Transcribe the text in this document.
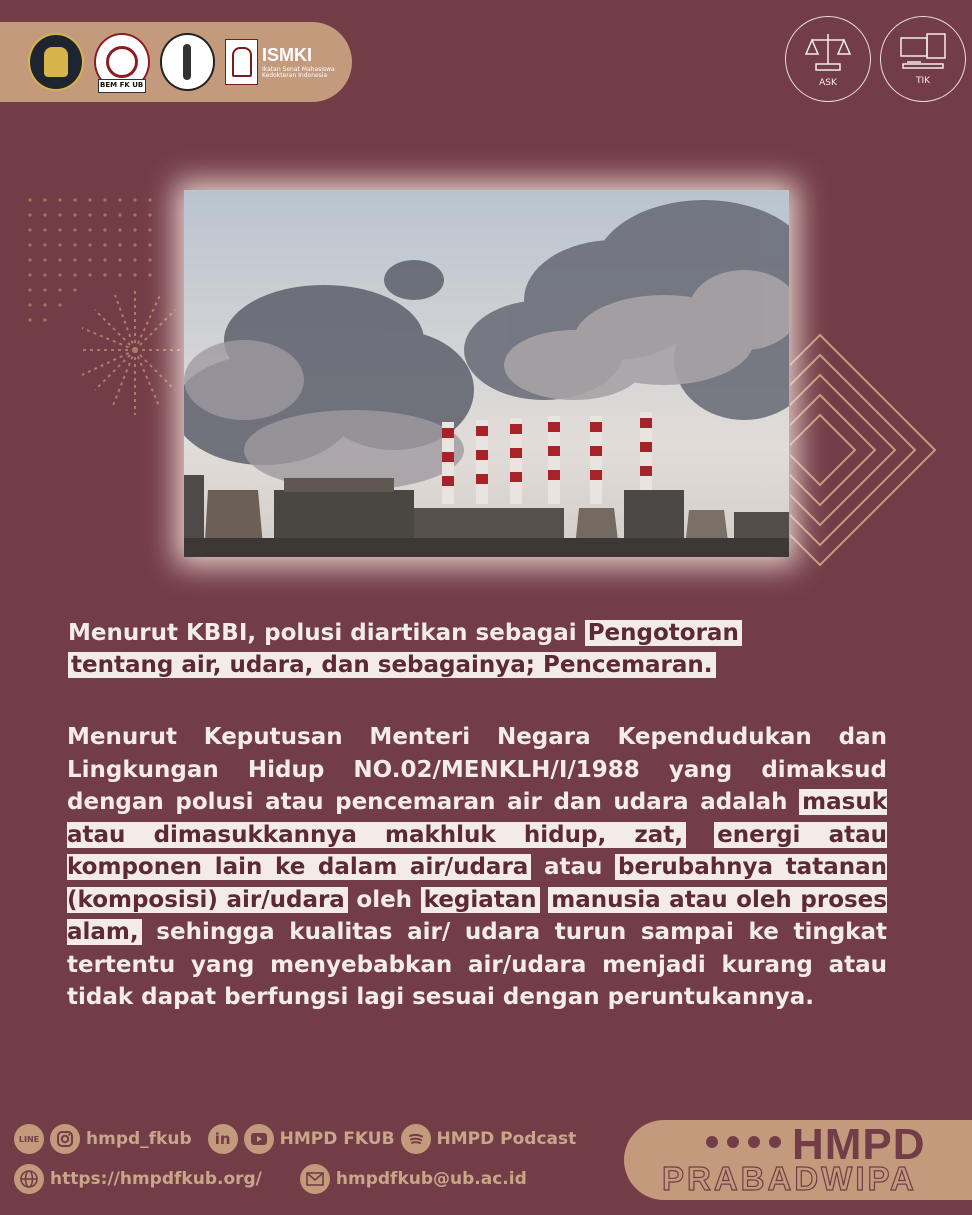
BEM FK UB
ISMKI
Ikatan Senat Mahasiswa Kedokteran Indonesia
ASK	TIK
Menurut KBBI, polusi diartikan sebagai Pengotoran
tentang air, udara, dan sebagainya; Pencemaran.
Menurut Keputusan Menteri Negara Kependudukan dan Lingkungan Hidup NO.02/MENKLH/I/1988 yang dimaksud dengan polusi atau pencemaran air dan udara adalah masuk atau dimasukkannya makhluk hidup, zat, energi atau komponen lain ke dalam air/udara atau berubahnya tatanan (komposisi) air/udara oleh kegiatan manusia atau oleh proses alam, sehingga kualitas air/ udara turun sampai ke tingkat tertentu yang menyebabkan air/udara menjadi kurang atau tidak dapat berfungsi lagi sesuai dengan peruntukannya.
LINE	hmpd_fkub	in	HMPD FKUB HMPD Podcast
https://hmpdfkub.org/	hmpdfkub@ub.ac.id
HMPD
PRABADWIPA
